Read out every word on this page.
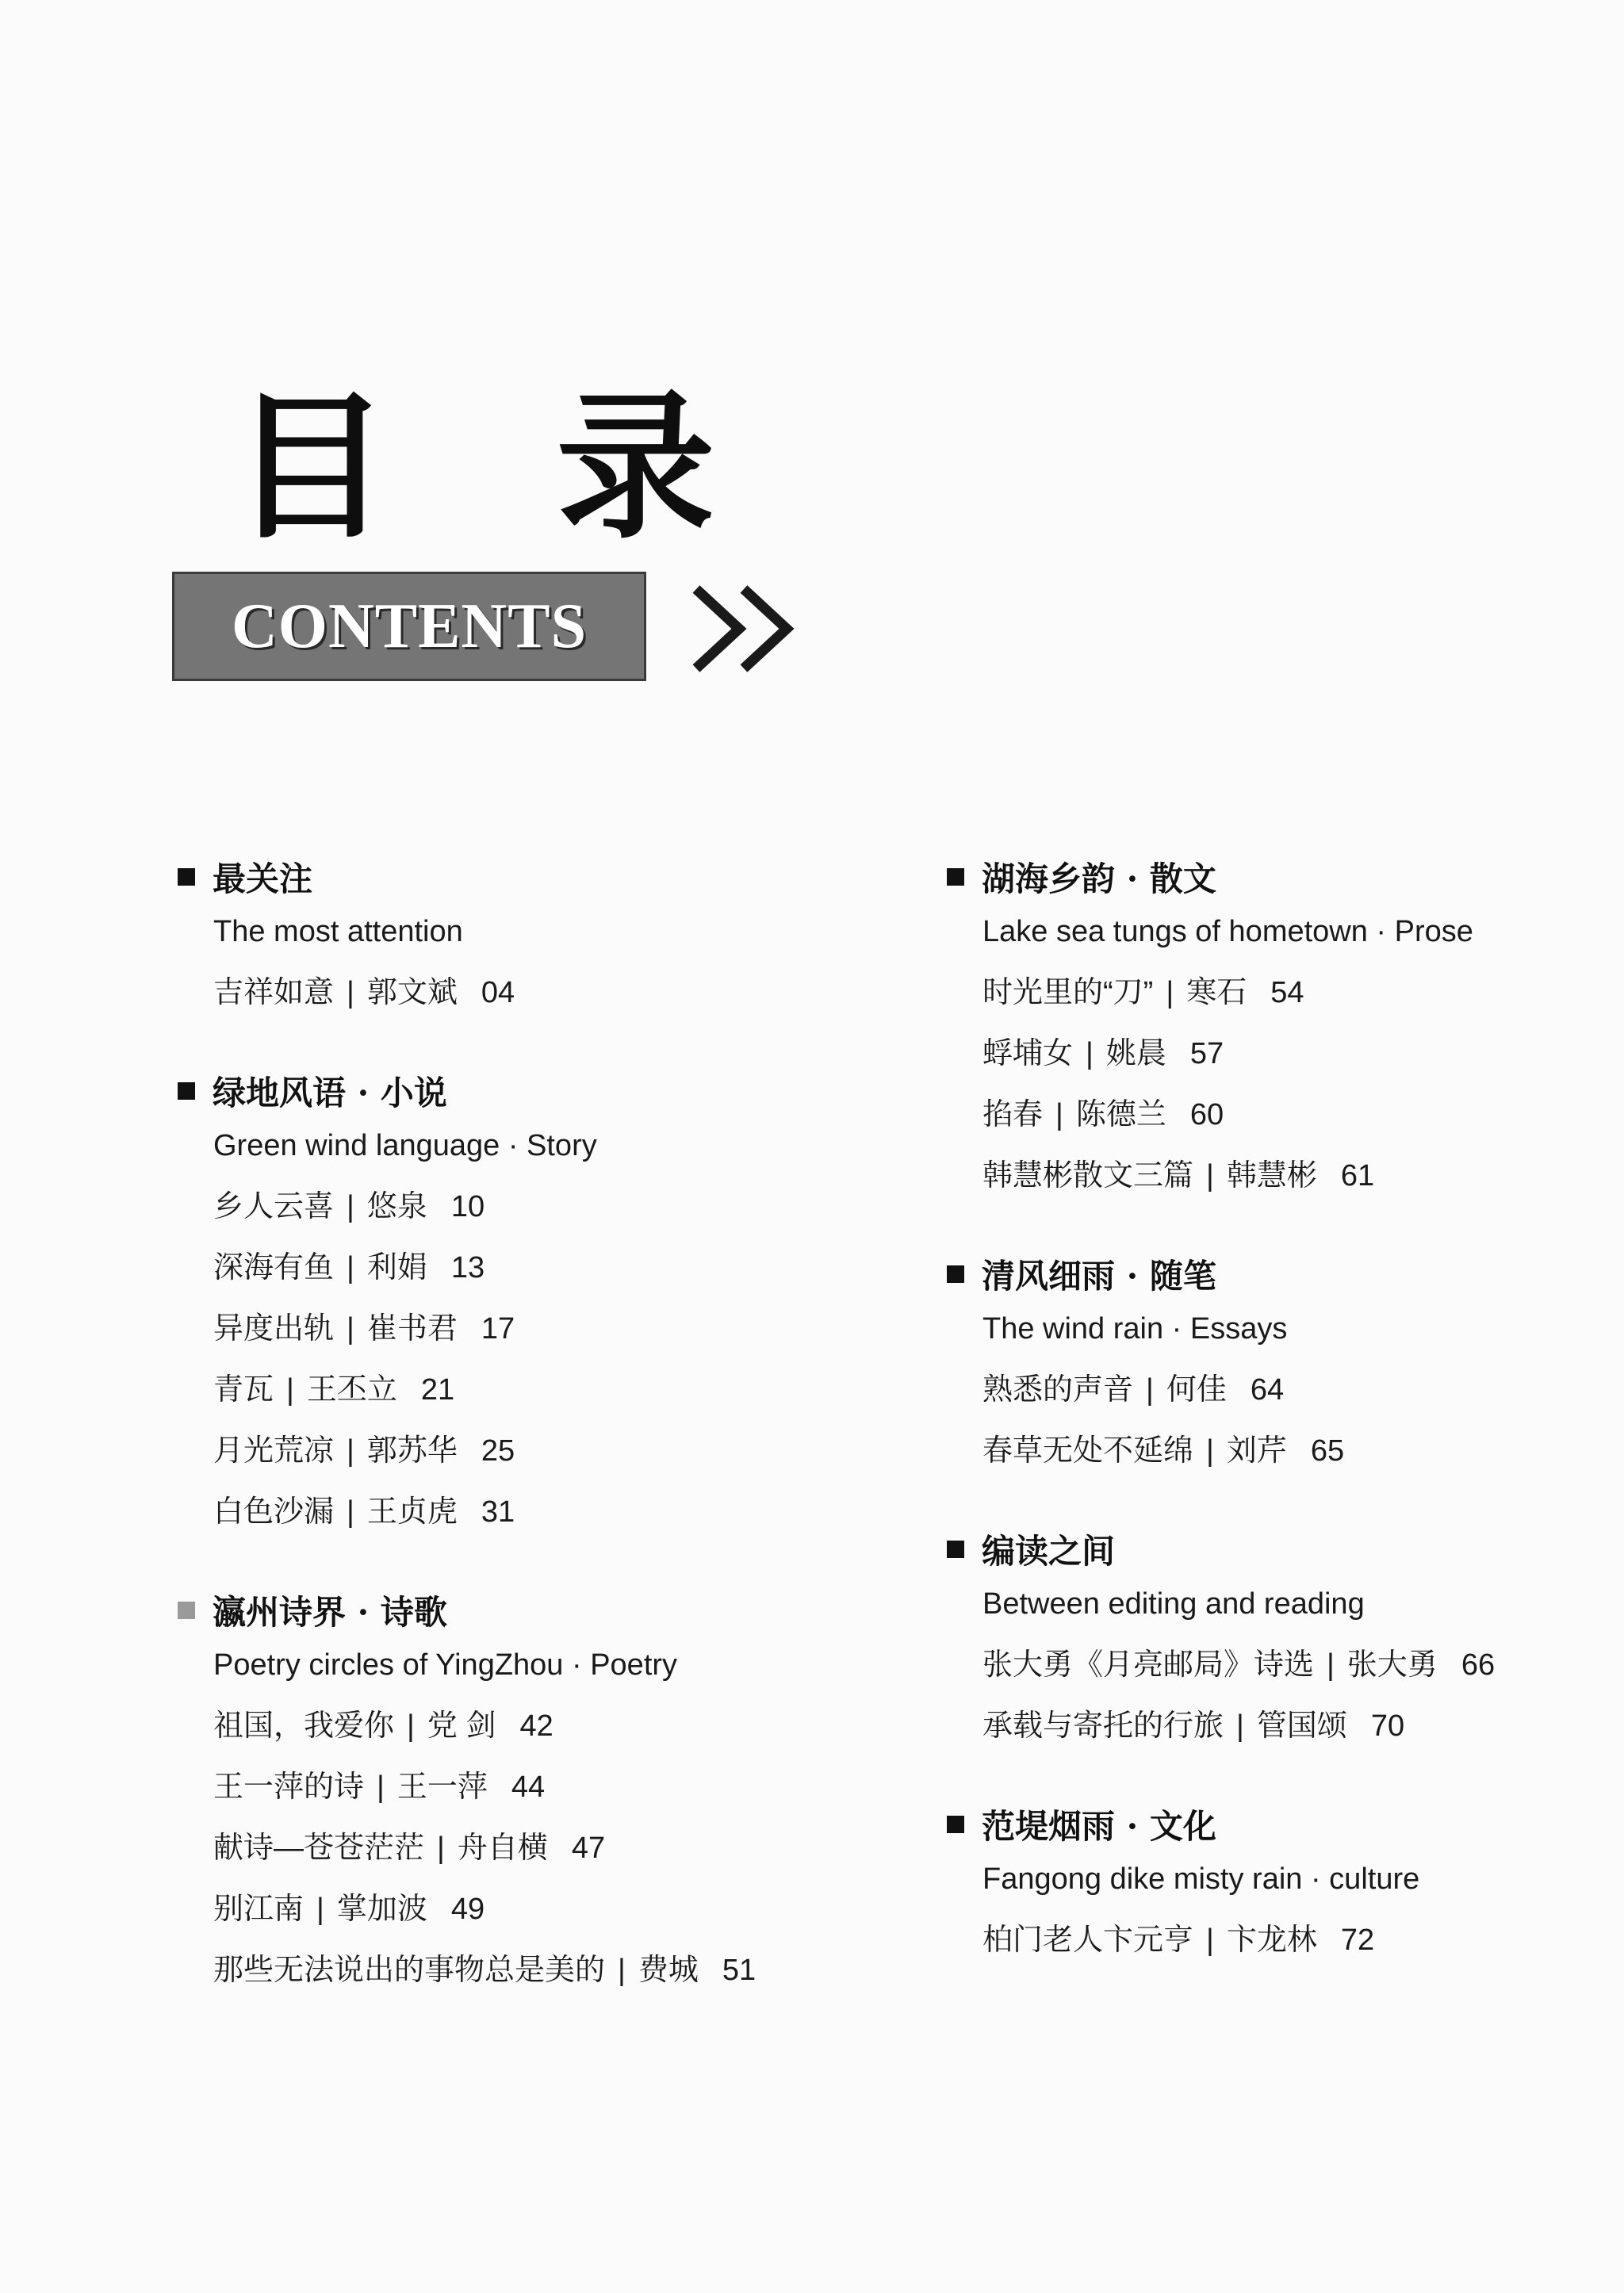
目 录
CONTENTS
最关注
The most attention
吉祥如意 | 郭文斌 04
绿地风语 · 小说
Green wind language · Story
乡人云喜 | 悠泉 10
深海有鱼 | 利娟 13
异度出轨 | 崔书君 17
青瓦 | 王丕立 21
月光荒凉 | 郭苏华 25
白色沙漏 | 王贞虎 31
瀛州诗界 · 诗歌
Poetry circles of YingZhou · Poetry
祖国，我爱你 | 党 剑 42
王一萍的诗 | 王一萍 44
献诗—苍苍茫茫 | 舟自横 47
别江南 | 掌加波 49
那些无法说出的事物总是美的 | 费城 51
湖海乡韵 · 散文
Lake sea tungs of hometown · Prose
时光里的“刀” | 寒石 54
蜉埔女 | 姚晨 57
掐春 | 陈德兰 60
韩慧彬散文三篇 | 韩慧彬 61
清风细雨 · 随笔
The wind rain · Essays
熟悉的声音 | 何佳 64
春草无处不延绵 | 刘芹 65
编读之间
Between editing and reading
张大勇《月亮邮局》诗选 | 张大勇 66
承载与寄托的行旅 | 管国颂 70
范堤烟雨 · 文化
Fangong dike misty rain · culture
柏门老人卞元亨 | 卞龙林 72
